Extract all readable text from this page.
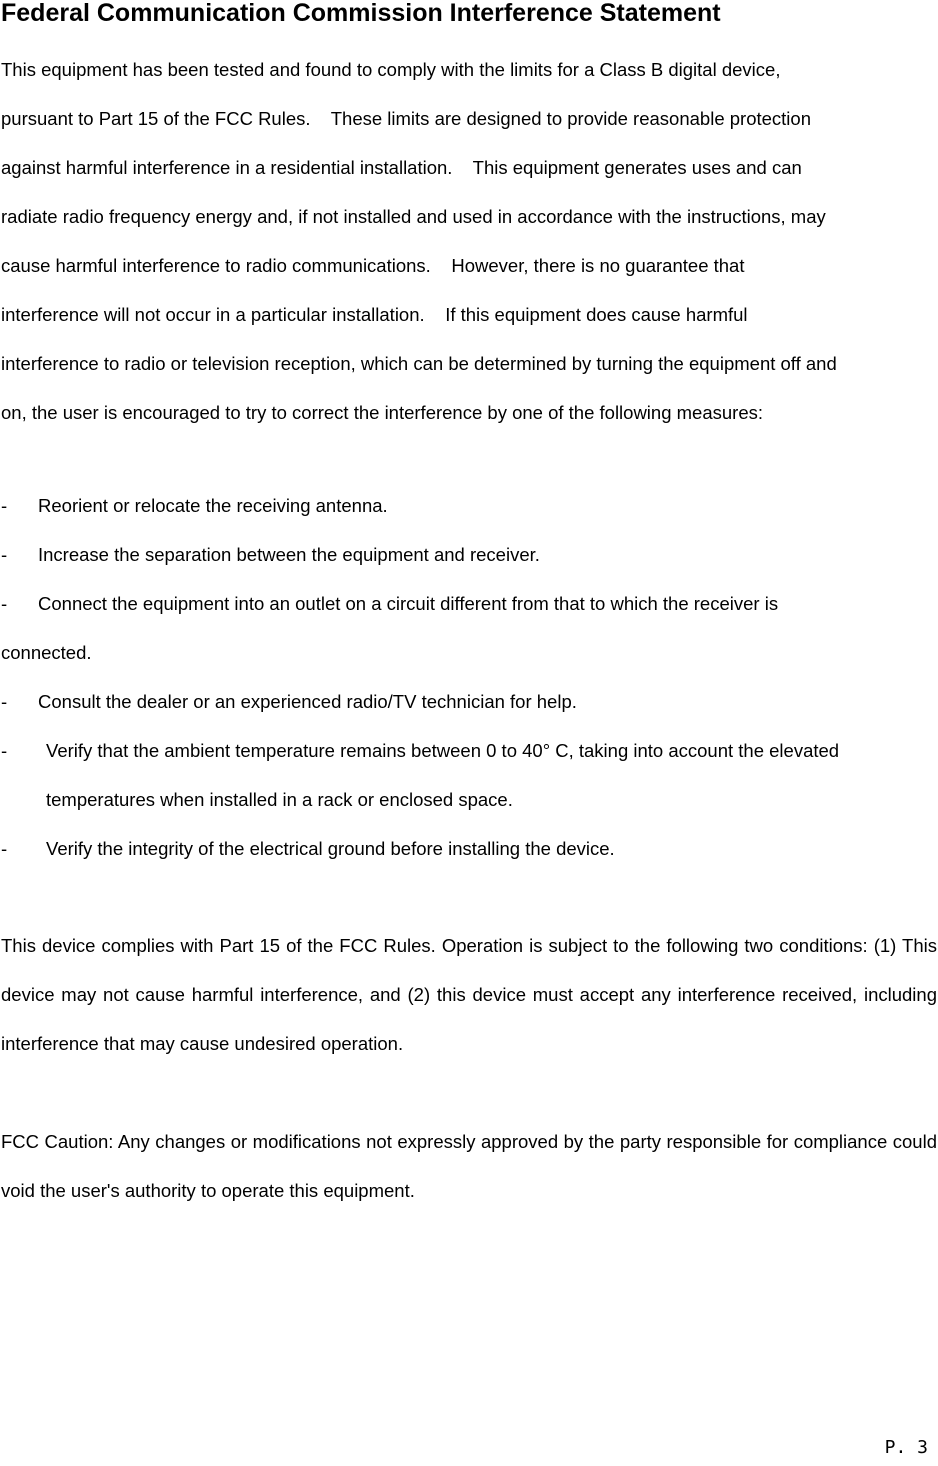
Federal Communication Commission Interference Statement
This equipment has been tested and found to comply with the limits for a Class B digital device,
pursuant to Part 15 of the FCC Rules.    These limits are designed to provide reasonable protection
against harmful interference in a residential installation.    This equipment generates uses and can
radiate radio frequency energy and, if not installed and used in accordance with the instructions, may
cause harmful interference to radio communications.    However, there is no guarantee that
interference will not occur in a particular installation.    If this equipment does cause harmful
interference to radio or television reception, which can be determined by turning the equipment off and
on, the user is encouraged to try to correct the interference by one of the following measures:
- Reorient or relocate the receiving antenna.
- Increase the separation between the equipment and receiver.
- Connect the equipment into an outlet on a circuit different from that to which the receiver is
connected.
- Consult the dealer or an experienced radio/TV technician for help.
- Verify that the ambient temperature remains between 0 to 40° C, taking into account the elevated
temperatures when installed in a rack or enclosed space.
- Verify the integrity of the electrical ground before installing the device.

This device complies with Part 15 of the FCC Rules. Operation is subject to the following two conditions: (1) This device may not cause harmful interference, and (2) this device must accept any interference received, including interference that may cause undesired operation.

FCC Caution: Any changes or modifications not expressly approved by the party responsible for compliance could void the user's authority to operate this equipment.

P. 3
